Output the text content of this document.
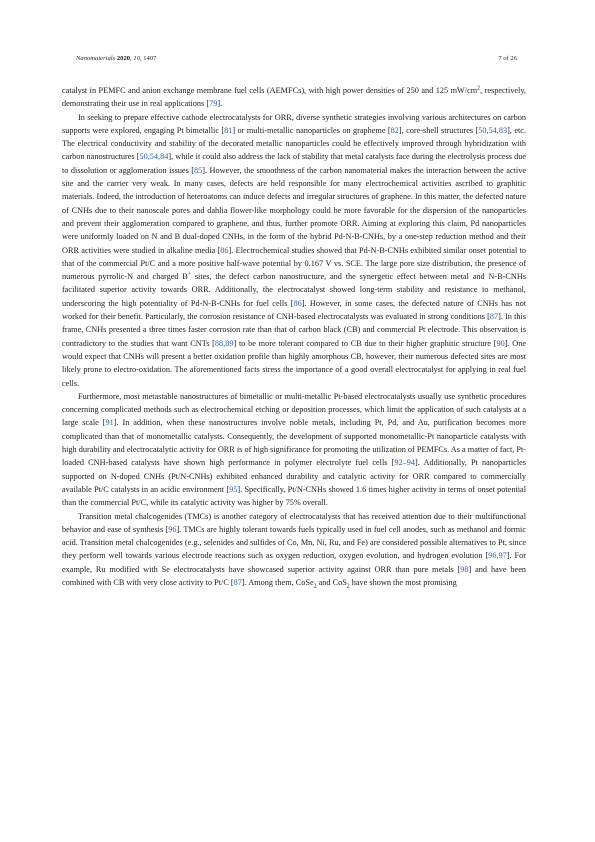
Nanomaterials 2020, 10, 1407	7 of 26

catalyst in PEMFC and anion exchange membrane fuel cells (AEMFCs), with high power densities of 250 and 125 $mW/cm^2$, respectively, demonstrating their use in real applications [79].

In seeking to prepare effective cathode electrocatalysts for ORR, diverse synthetic strategies involving various architectures on carbon supports were explored, engaging Pt bimetallic [81] or multi-metallic nanoparticles on grapheme [82], core-shell structures [50,54,83], etc. The electrical conductivity and stability of the decorated metallic nanoparticles could be effectively improved through hybridization with carbon nanostructures [50,54,84], while it could also address the lack of stability that metal catalysts face during the electrolysis process due to dissolution or agglomeration issues [85]. However, the smoothness of the carbon nanomaterial makes the interaction between the active site and the carrier very weak. In many cases, defects are held responsible for many electrochemical activities ascribed to graphitic materials. Indeed, the introduction of heteroatoms can induce defects and irregular structures of graphene. In this matter, the defected nature of CNHs due to their nanoscale pores and dahlia flower-like morphology could be more favorable for the dispersion of the nanoparticles and prevent their agglomeration compared to graphene, and thus, further promote ORR. Aiming at exploring this claim, Pd nanoparticles were uniformly loaded on N and B dual-doped CNHs, in the form of the hybrid Pd-N-B-CNHs, by a one-step reduction method and their ORR activities were studied in alkaline media [86]. Electrochemical studies showed that Pd-N-B-CNHs exhibited similar onset potential to that of the commercial Pt/C and a more positive half-wave potential by 0.167 V vs. SCE. The large pore size distribution, the presence of numerous pyrrolic-N and charged B+ sites, the defect carbon nanostructure, and the synergetic effect between metal and N-B-CNHs facilitated superior activity towards ORR. Additionally, the electrocatalyst showed long-term stability and resistance to methanol, underscoring the high potentiality of Pd-N-B-CNHs for fuel cells [86]. However, in some cases, the defected nature of CNHs has not worked for their benefit. Particularly, the corrosion resistance of CNH-based electrocatalysts was evaluated in strong conditions [87]. In this frame, CNHs presented a three times faster corrosion rate than that of carbon black (CB) and commercial Pt electrode. This observation is contradictory to the studies that want CNTs [88,89] to be more tolerant compared to CB due to their higher graphitic structure [90]. One would expect that CNHs will present a better oxidation profile than highly amorphous CB, however, their numerous defected sites are most likely prone to electro-oxidation. The aforementioned facts stress the importance of a good overall electrocatalyst for applying in real fuel cells.

Furthermore, most metastable nanostructures of bimetallic or multi-metallic Pt-based electrocatalysts usually use synthetic procedures concerning complicated methods such as electrochemical etching or deposition processes, which limit the application of such catalysts at a large scale [91]. In addition, when these nanostructures involve noble metals, including Pt, Pd, and Au, purification becomes more complicated than that of monometallic catalysts. Consequently, the development of supported monometallic-Pt nanoparticle catalysts with high durability and electrocatalytic activity for ORR is of high significance for promoting the utilization of PEMFCs. As a matter of fact, Pt-loaded CNH-based catalysts have shown high performance in polymer electrolyte fuel cells [92–94]. Additionally, Pt nanoparticles supported on N-doped CNHs (Pt/N-CNHs) exhibited enhanced durability and catalytic activity for ORR compared to commercially available Pt/C catalysts in an acidic environment [95]. Specifically, Pt/N-CNHs showed 1.6 times higher activity in terms of onset potential than the commercial Pt/C, while its catalytic activity was higher by 75% overall.

Transition metal chalcogenides (TMCs) is another category of electrocatalysts that has received attention due to their multifunctional behavior and ease of synthesis [96]. TMCs are highly tolerant towards fuels typically used in fuel cell anodes, such as methanol and formic acid. Transition metal chalcogenides (e.g., selenides and sulfides of Co, Mn, Ni, Ru, and Fe) are considered possible alternatives to Pt, since they perform well towards various electrode reactions such as oxygen reduction, oxygen evolution, and hydrogen evolution [96,97]. For example, Ru modified with Se electrocatalysts have showcased superior activity against ORR than pure metals [98] and have been combined with CB with very close activity to Pt/C [87]. Among them, CoSe$_2$ and CoS$_2$ have shown the most promising
